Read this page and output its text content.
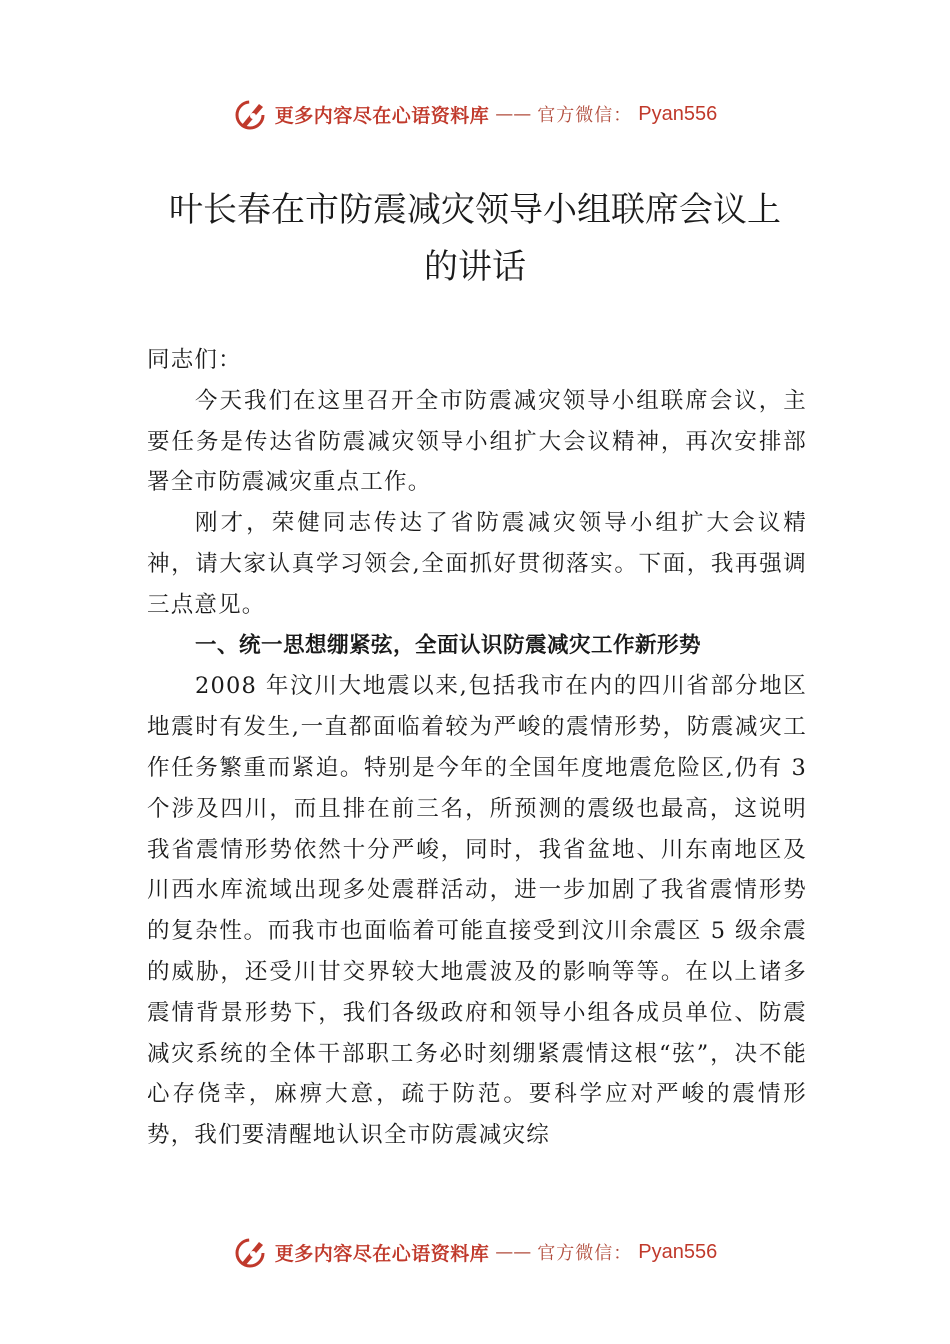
更多内容尽在心语资料库 —— 官方微信： Pyan556
叶长春在市防震减灾领导小组联席会议上
的讲话

同志们：

今天我们在这里召开全市防震减灾领导小组联席会议，主要任务是传达省防震减灾领导小组扩大会议精神，再次安排部署全市防震减灾重点工作。

刚才，荣健同志传达了省防震减灾领导小组扩大会议精神，请大家认真学习领会,全面抓好贯彻落实。下面，我再强调三点意见。

一、统一思想绷紧弦，全面认识防震减灾工作新形势

2008 年汶川大地震以来,包括我市在内的四川省部分地区地震时有发生,一直都面临着较为严峻的震情形势，防震减灾工作任务繁重而紧迫。特别是今年的全国年度地震危险区,仍有 3 个涉及四川，而且排在前三名，所预测的震级也最高，这说明我省震情形势依然十分严峻，同时，我省盆地、川东南地区及川西水库流域出现多处震群活动，进一步加剧了我省震情形势的复杂性。而我市也面临着可能直接受到汶川余震区 5 级余震的威胁，还受川甘交界较大地震波及的影响等等。在以上诸多震情背景形势下，我们各级政府和领导小组各成员单位、防震减灾系统的全体干部职工务必时刻绷紧震情这根“弦”，决不能心存侥幸，麻痹大意，疏于防范。要科学应对严峻的震情形势，我们要清醒地认识全市防震减灾综

更多内容尽在心语资料库 —— 官方微信： Pyan556
